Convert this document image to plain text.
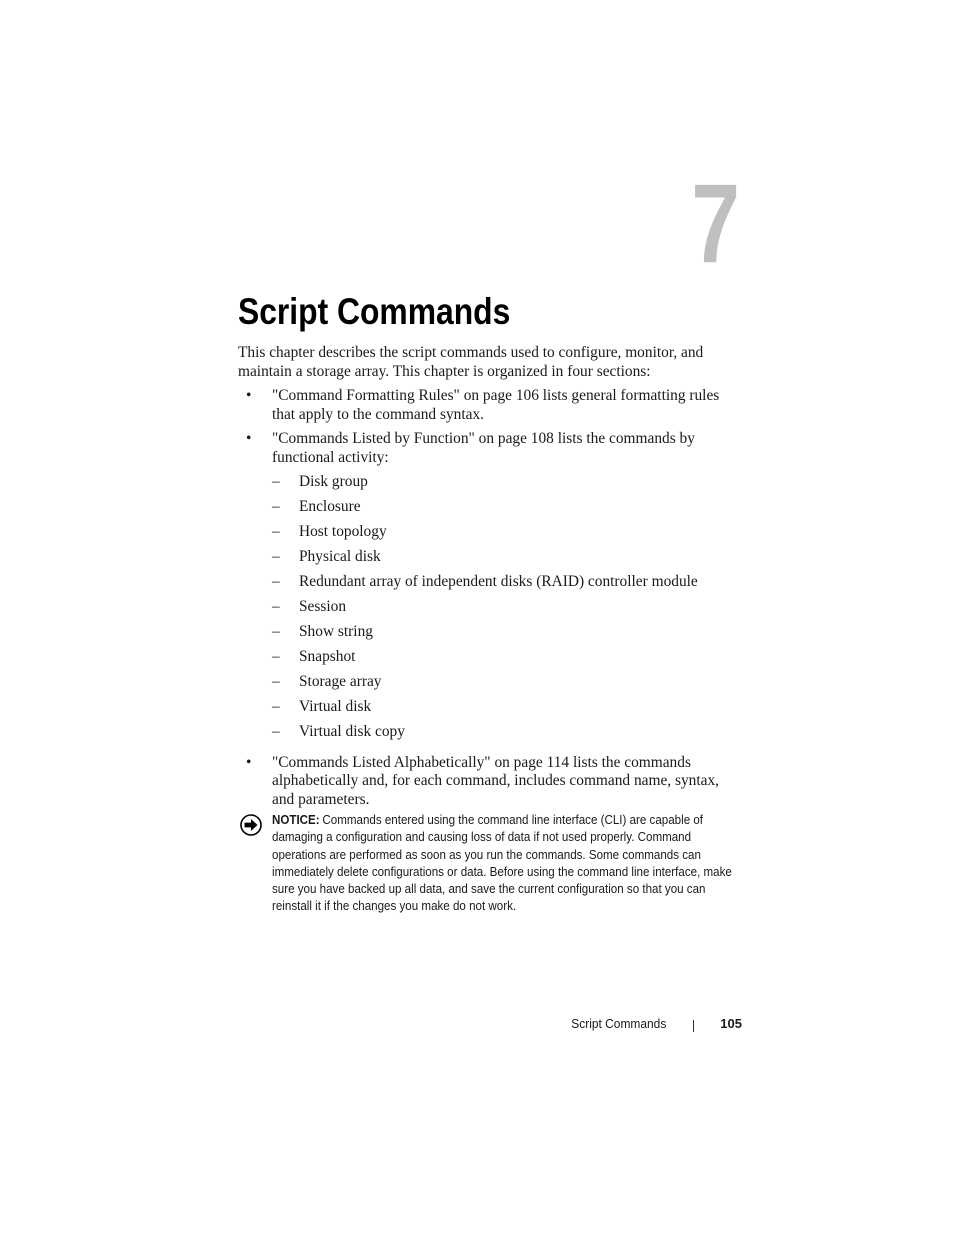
7
Script Commands

This chapter describes the script commands used to configure, monitor, and maintain a storage array. This chapter is organized in four sections:

• "Command Formatting Rules" on page 106 lists general formatting rules that apply to the command syntax.
• "Commands Listed by Function" on page 108 lists the commands by functional activity:
– Disk group
– Enclosure
– Host topology
– Physical disk
– Redundant array of independent disks (RAID) controller module
– Session
– Show string
– Snapshot
– Storage array
– Virtual disk
– Virtual disk copy
• "Commands Listed Alphabetically" on page 114 lists the commands alphabetically and, for each command, includes command name, syntax, and parameters.
NOTICE: Commands entered using the command line interface (CLI) are capable of damaging a configuration and causing loss of data if not used properly. Command operations are performed as soon as you run the commands. Some commands can immediately delete configurations or data. Before using the command line interface, make sure you have backed up all data, and save the current configuration so that you can reinstall it if the changes you make do not work.
Script Commands	105
